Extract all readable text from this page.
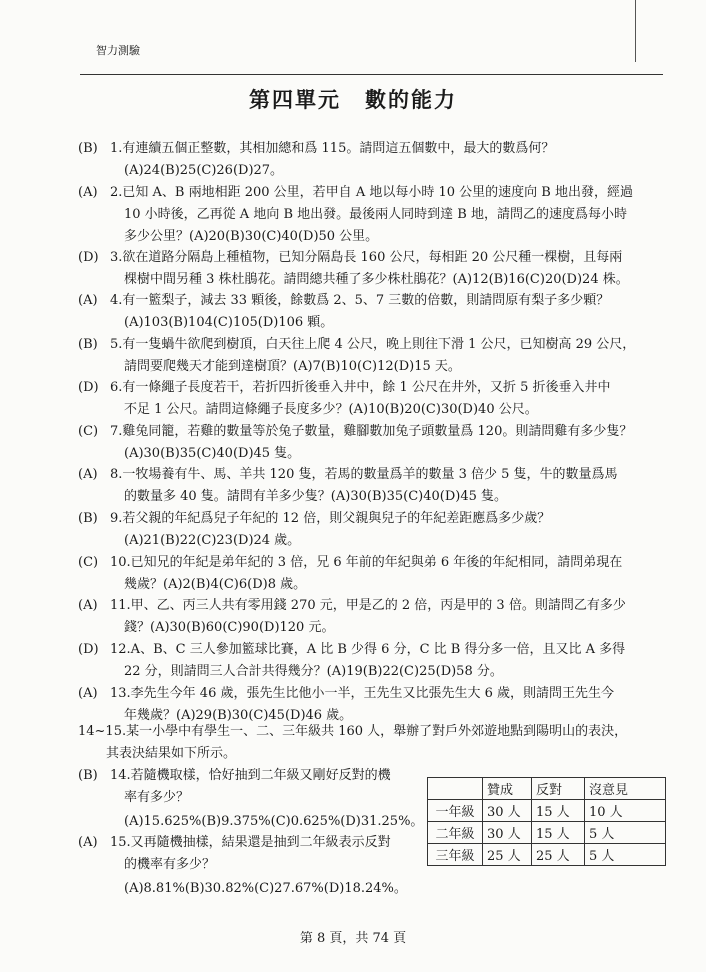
智力測驗
第四單元 數的能力
(B) 1.有連續五個正整數，其相加總和爲 115。請問這五個數中，最大的數爲何？
(A)24(B)25(C)26(D)27。
(A) 2.已知 A、B 兩地相距 200 公里，若甲自 A 地以每小時 10 公里的速度向 B 地出發，經過
10 小時後，乙再從 A 地向 B 地出發。最後兩人同時到達 B 地，請問乙的速度爲每小時
多少公里？(A)20(B)30(C)40(D)50 公里。
(D) 3.欲在道路分隔島上種植物，已知分隔島長 160 公尺，每相距 20 公尺種一棵樹，且每兩
棵樹中間另種 3 株杜鵑花。請問總共種了多少株杜鵑花？(A)12(B)16(C)20(D)24 株。
(A) 4.有一籃梨子，減去 33 顆後，餘數爲 2、5、7 三數的倍數，則請問原有梨子多少顆？
(A)103(B)104(C)105(D)106 顆。
(B) 5.有一隻蝸牛欲爬到樹頂，白天往上爬 4 公尺，晚上則往下滑 1 公尺，已知樹高 29 公尺，
請問要爬幾天才能到達樹頂？(A)7(B)10(C)12(D)15 天。
(D) 6.有一條繩子長度若干，若折四折後垂入井中，餘 1 公尺在井外，又折 5 折後垂入井中
不足 1 公尺。請問這條繩子長度多少？(A)10(B)20(C)30(D)40 公尺。
(C) 7.雞兔同籠，若雞的數量等於兔子數量，雞腳數加兔子頭數量爲 120。則請問雞有多少隻？
(A)30(B)35(C)40(D)45 隻。
(A) 8.一牧場養有牛、馬、羊共 120 隻，若馬的數量爲羊的數量 3 倍少 5 隻，牛的數量爲馬
的數量多 40 隻。請問有羊多少隻？(A)30(B)35(C)40(D)45 隻。
(B) 9.若父親的年紀爲兒子年紀的 12 倍，則父親與兒子的年紀差距應爲多少歲？
(A)21(B)22(C)23(D)24 歲。
(C) 10.已知兄的年紀是弟年紀的 3 倍，兄 6 年前的年紀與弟 6 年後的年紀相同，請問弟現在
幾歲？(A)2(B)4(C)6(D)8 歲。
(A) 11.甲、乙、丙三人共有零用錢 270 元，甲是乙的 2 倍，丙是甲的 3 倍。則請問乙有多少
錢？(A)30(B)60(C)90(D)120 元。
(D) 12.A、B、C 三人參加籃球比賽，A 比 B 少得 6 分，C 比 B 得分多一倍，且又比 A 多得
22 分，則請問三人合計共得幾分？(A)19(B)22(C)25(D)58 分。
(A) 13.李先生今年 46 歲，張先生比他小一半，王先生又比張先生大 6 歲，則請問王先生今
年幾歲？(A)29(B)30(C)45(D)46 歲。
14~15.某一小學中有學生一、二、三年級共 160 人，舉辦了對戶外郊遊地點到陽明山的表決，
其表決結果如下所示。
(B) 14.若隨機取樣，恰好抽到二年級又剛好反對的機
率有多少？
(A)15.625%(B)9.375%(C)0.625%(D)31.25%。
(A) 15.又再隨機抽樣，結果還是抽到二年級表示反對
的機率有多少？
(A)8.81%(B)30.82%(C)27.67%(D)18.24%。
	贊成	反對	沒意見
一年級	30 人	15 人	10 人
二年級	30 人	15 人	5 人
三年級	25 人	25 人	5 人
第 8 頁，共 74 頁
